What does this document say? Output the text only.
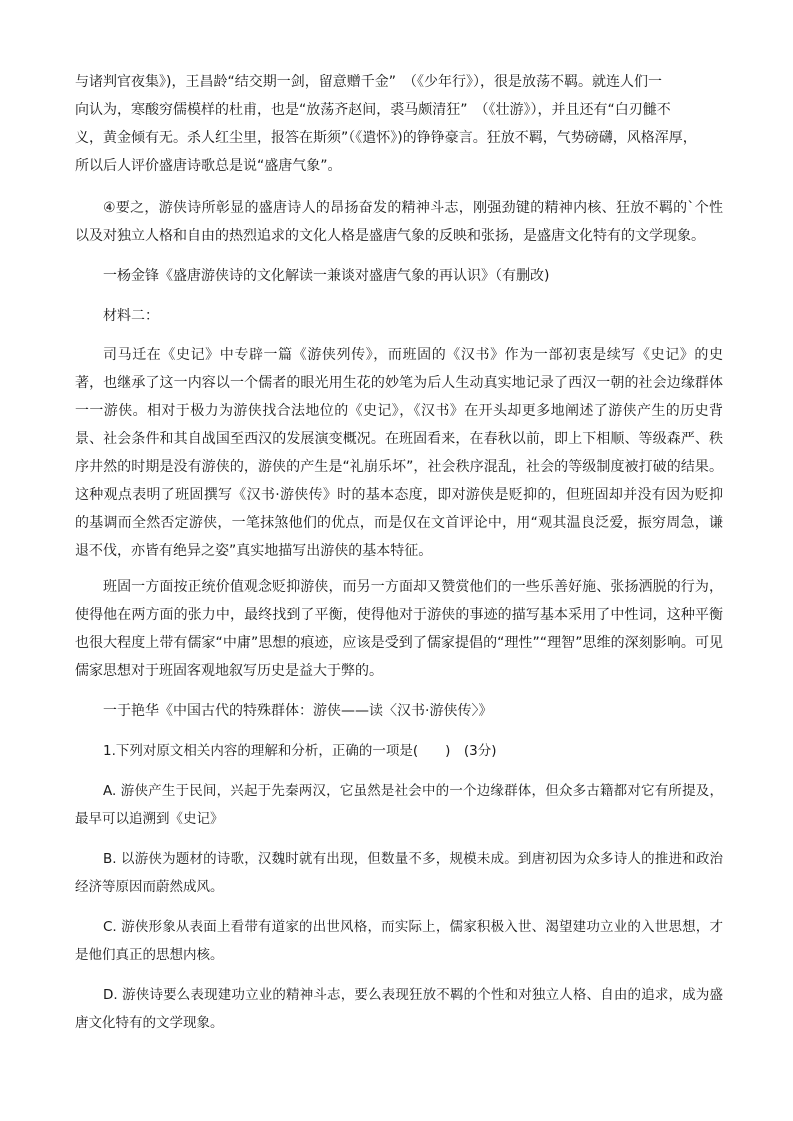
与诸判官夜集》)，王昌龄“结交期一剑，留意赠千金”　（《少年行》），很是放荡不羁。就连人们一
向认为，寒酸穷儒模样的杜甫，也是“放荡齐赵间，裘马颇清狂”　（《壮游》），并且还有“白刃雠不
义，黄金倾有无。杀人红尘里，报答在斯须”（《遣怀》)的铮铮豪言。狂放不羁，气势磅礴，风格浑厚，
所以后人评价盛唐诗歌总是说“盛唐气象”。

④要之，游侠诗所彰显的盛唐诗人的昂扬奋发的精神斗志，刚强劲键的精神内核、狂放不羁的`个性以及对独立人格和自由的热烈追求的文化人格是盛唐气象的反映和张扬，是盛唐文化特有的文学现象。

一杨金锋《盛唐游侠诗的文化解读一兼谈对盛唐气象的再认识》（有删改)
材料二：

司马迁在《史记》中专辟一篇《游侠列传》，而班固的《汉书》作为一部初衷是续写《史记》的史著，也继承了这一内容以一个儒者的眼光用生花的妙笔为后人生动真实地记录了西汉一朝的社会边缘群体一一游侠。相对于极力为游侠找合法地位的《史记》，《汉书》在开头却更多地阐述了游侠产生的历史背景、社会条件和其自战国至西汉的发展演变概况。在班固看来，在春秋以前，即上下相顺、等级森严、秩序井然的时期是没有游侠的，游侠的产生是“礼崩乐坏”，社会秩序混乱，社会的等级制度被打破的结果。这种观点表明了班固撰写《汉书·游侠传》时的基本态度，即对游侠是贬抑的，但班固却并没有因为贬抑的基调而全然否定游侠，一笔抹煞他们的优点，而是仅在文首评论中，用“观其温良泛爱，振穷周急，谦退不伐，亦皆有绝异之姿”真实地描写出游侠的基本特征。

班固一方面按正统价值观念贬抑游侠，而另一方面却又赞赏他们的一些乐善好施、张扬洒脱的行为，使得他在两方面的张力中，最终找到了平衡，使得他对于游侠的事迹的描写基本采用了中性词，这种平衡也很大程度上带有儒家“中庸”思想的痕迹，应该是受到了儒家提倡的“理性”“理智”思维的深刻影响。可见儒家思想对于班固客观地叙写历史是益大于弊的。

一于艳华《中国古代的特殊群体：游侠——读〈汉书·游侠传〉》
1.下列对原文相关内容的理解和分析，正确的一项是(　　)　(3分)

A. 游侠产生于民间，兴起于先秦两汉，它虽然是社会中的一个边缘群体，但众多古籍都对它有所提及，最早可以追溯到《史记》

B. 以游侠为题材的诗歌，汉魏时就有出现，但数量不多，规模未成。到唐初因为众多诗人的推进和政治经济等原因而蔚然成风。

C. 游侠形象从表面上看带有道家的出世风格，而实际上，儒家积极入世、渴望建功立业的入世思想，才是他们真正的思想内核。

D. 游侠诗要么表现建功立业的精神斗志，要么表现狂放不羁的个性和对独立人格、自由的追求，成为盛唐文化特有的文学现象。
